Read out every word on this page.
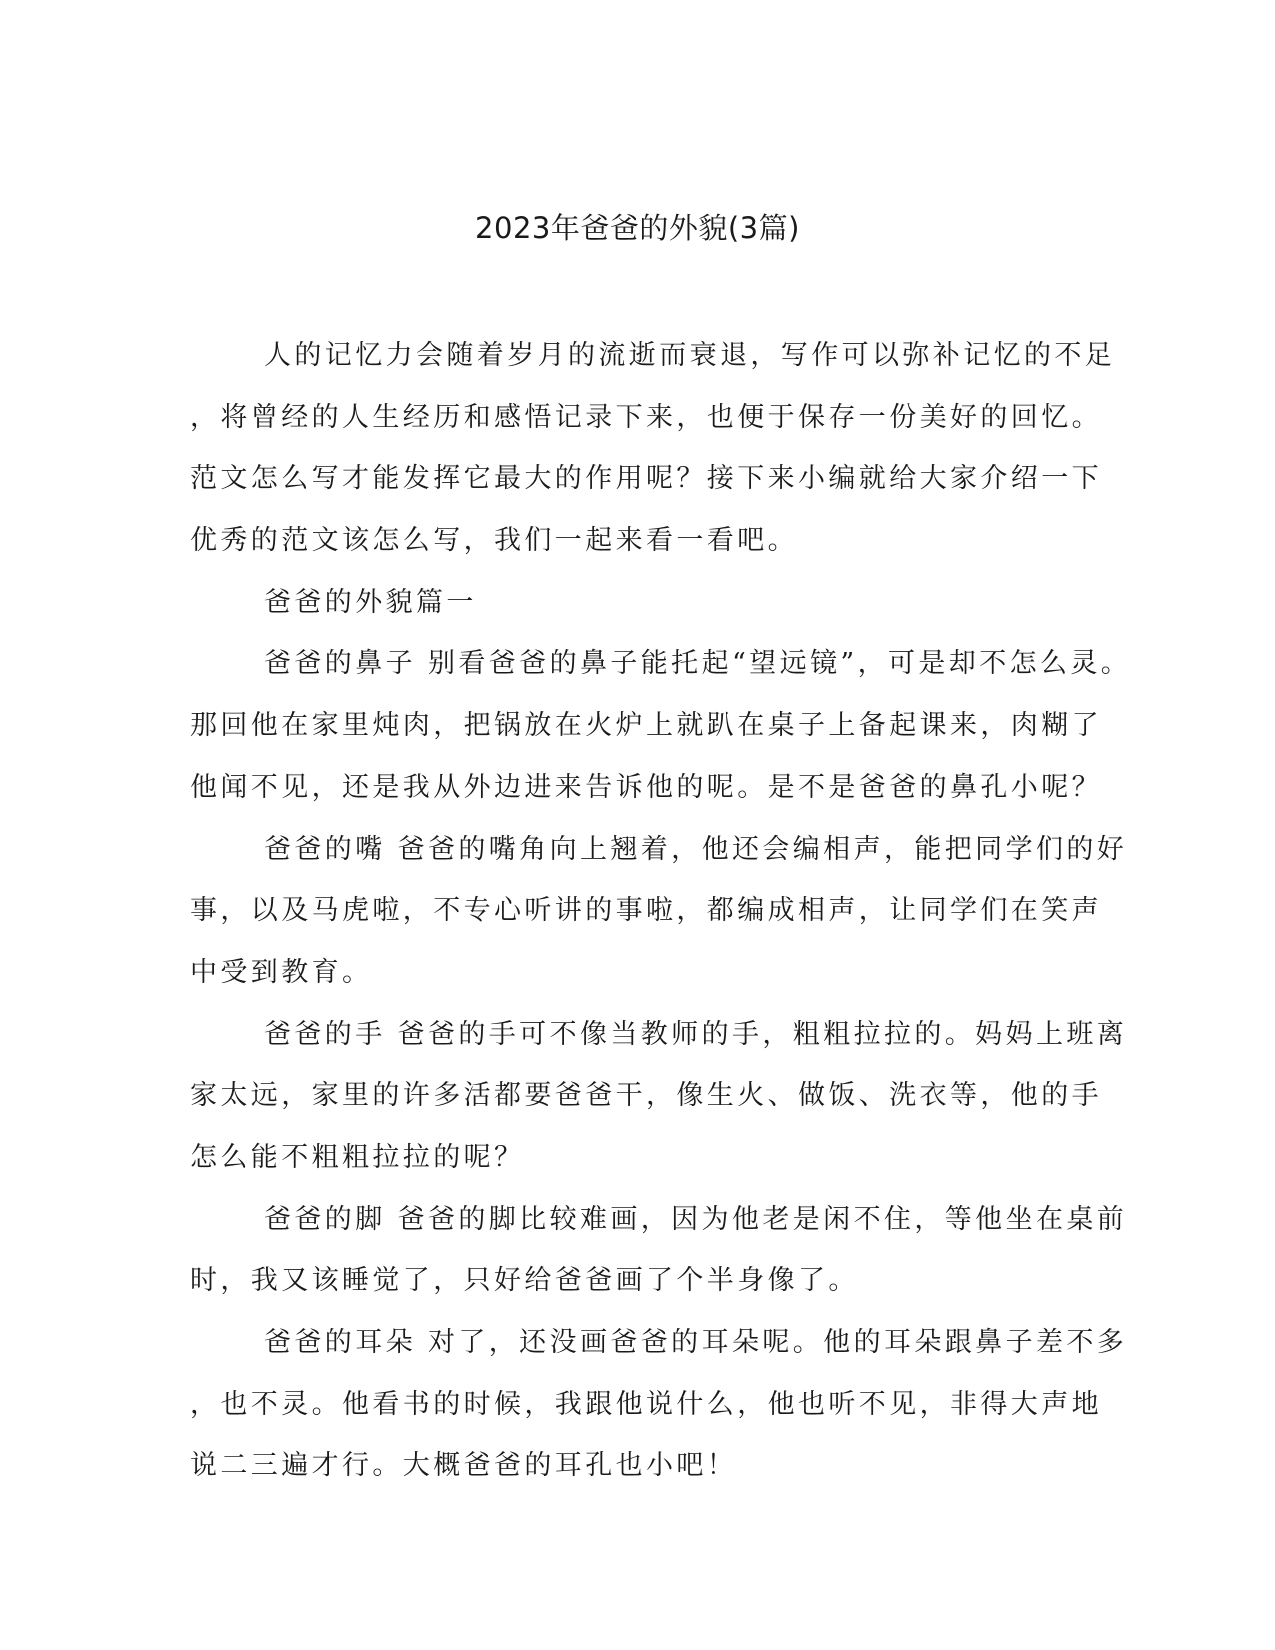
2023年爸爸的外貌(3篇)
人的记忆力会随着岁月的流逝而衰退，写作可以弥补记忆的不足
，将曾经的人生经历和感悟记录下来，也便于保存一份美好的回忆。
范文怎么写才能发挥它最大的作用呢？接下来小编就给大家介绍一下
优秀的范文该怎么写，我们一起来看一看吧。
爸爸的外貌篇一
爸爸的鼻子 别看爸爸的鼻子能托起“望远镜”，可是却不怎么灵。
那回他在家里炖肉，把锅放在火炉上就趴在桌子上备起课来，肉糊了
他闻不见，还是我从外边进来告诉他的呢。是不是爸爸的鼻孔小呢？
爸爸的嘴 爸爸的嘴角向上翘着，他还会编相声，能把同学们的好
事，以及马虎啦，不专心听讲的事啦，都编成相声，让同学们在笑声
中受到教育。
爸爸的手 爸爸的手可不像当教师的手，粗粗拉拉的。妈妈上班离
家太远，家里的许多活都要爸爸干，像生火、做饭、洗衣等，他的手
怎么能不粗粗拉拉的呢？
爸爸的脚 爸爸的脚比较难画，因为他老是闲不住，等他坐在桌前
时，我又该睡觉了，只好给爸爸画了个半身像了。
爸爸的耳朵 对了，还没画爸爸的耳朵呢。他的耳朵跟鼻子差不多
，也不灵。他看书的时候，我跟他说什么，他也听不见，非得大声地
说二三遍才行。大概爸爸的耳孔也小吧！
